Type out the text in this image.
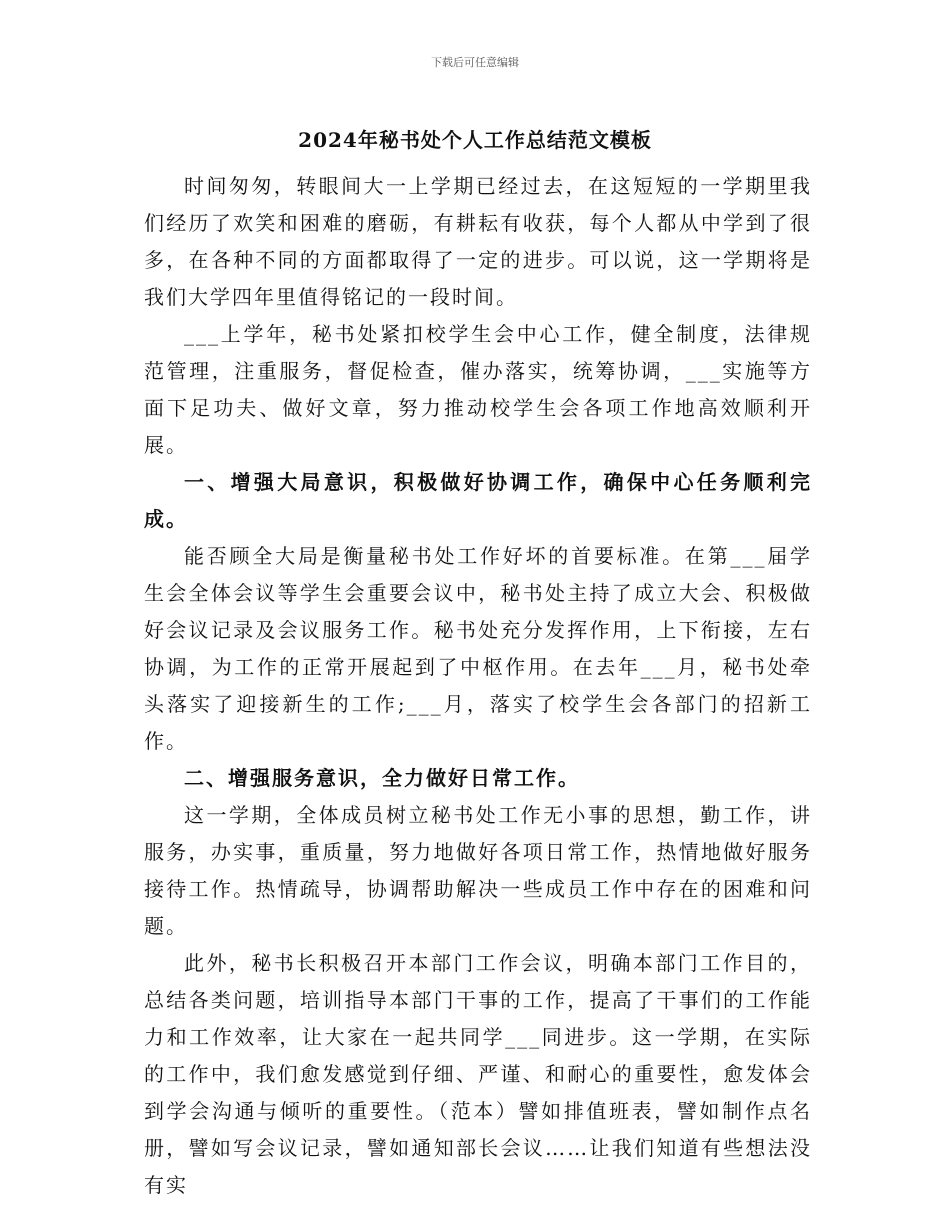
下载后可任意编辑
2024年秘书处个人工作总结范文模板

时间匆匆，转眼间大一上学期已经过去，在这短短的一学期里我们经历了欢笑和困难的磨砺，有耕耘有收获，每个人都从中学到了很多，在各种不同的方面都取得了一定的进步。可以说，这一学期将是我们大学四年里值得铭记的一段时间。

___上学年，秘书处紧扣校学生会中心工作，健全制度，法律规范管理，注重服务，督促检查，催办落实，统筹协调，___实施等方面下足功夫、做好文章，努力推动校学生会各项工作地高效顺利开展。

一、增强大局意识，积极做好协调工作，确保中心任务顺利完成。

能否顾全大局是衡量秘书处工作好坏的首要标准。在第___届学生会全体会议等学生会重要会议中，秘书处主持了成立大会、积极做好会议记录及会议服务工作。秘书处充分发挥作用，上下衔接，左右协调，为工作的正常开展起到了中枢作用。在去年___月，秘书处牵头落实了迎接新生的工作;___月，落实了校学生会各部门的招新工作。

二、增强服务意识，全力做好日常工作。

这一学期，全体成员树立秘书处工作无小事的思想，勤工作，讲服务，办实事，重质量，努力地做好各项日常工作，热情地做好服务接待工作。热情疏导，协调帮助解决一些成员工作中存在的困难和问题。

此外，秘书长积极召开本部门工作会议，明确本部门工作目的，总结各类问题，培训指导本部门干事的工作，提高了干事们的工作能力和工作效率，让大家在一起共同学___同进步。这一学期，在实际的工作中，我们愈发感觉到仔细、严谨、和耐心的重要性，愈发体会到学会沟通与倾听的重要性。（范本）譬如排值班表，譬如制作点名册，譬如写会议记录，譬如通知部长会议……让我们知道有些想法没有实
